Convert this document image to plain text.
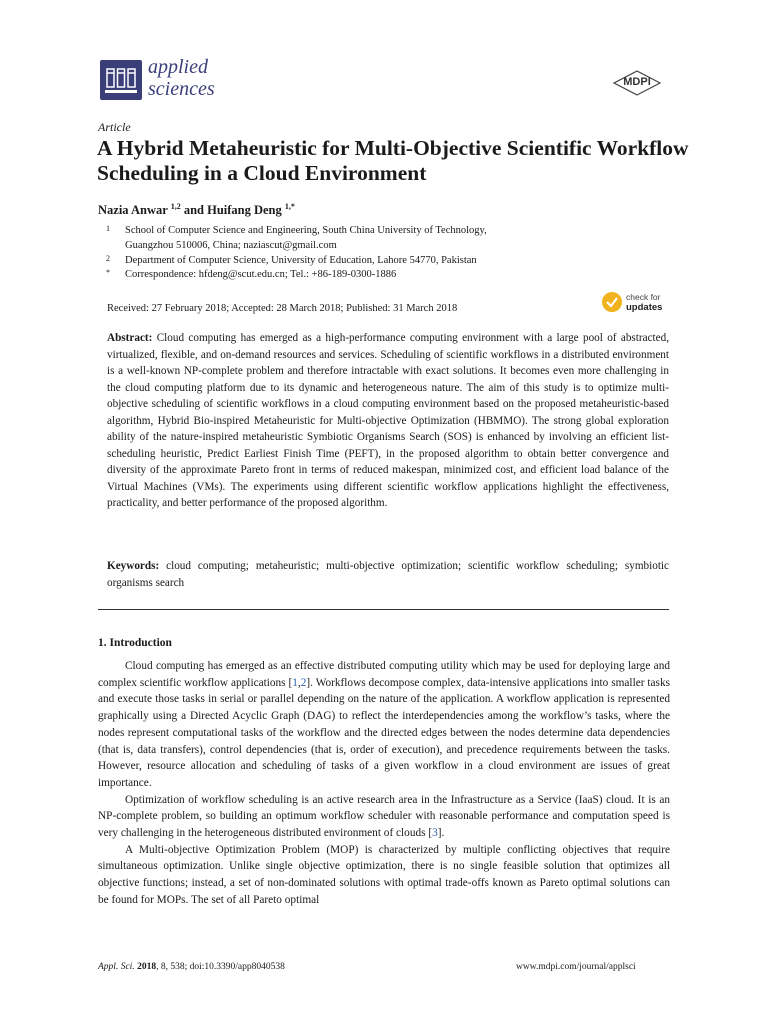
applied
sciences	MDPI
Article
A Hybrid Metaheuristic for Multi-Objective Scientific Workflow Scheduling in a Cloud Environment
Nazia Anwar $^{1,2}$ and Huifang Deng $^{1,*}$
1 School of Computer Science and Engineering, South China University of Technology,
Guangzhou 510006, China; naziascut@gmail.com
2 Department of Computer Science, University of Education, Lahore 54770, Pakistan
* Correspondence: hfdeng@scut.edu.cn; Tel.: +86-189-0300-1886
Received: 27 February 2018; Accepted: 28 March 2018; Published: 31 March 2018
check for
updates
Abstract: Cloud computing has emerged as a high-performance computing environment with a large pool of abstracted, virtualized, flexible, and on-demand resources and services. Scheduling of scientific workflows in a distributed environment is a well-known NP-complete problem and therefore intractable with exact solutions. It becomes even more challenging in the cloud computing platform due to its dynamic and heterogeneous nature. The aim of this study is to optimize multi-objective scheduling of scientific workflows in a cloud computing environment based on the proposed metaheuristic-based algorithm, Hybrid Bio-inspired Metaheuristic for Multi-objective Optimization (HBMMO). The strong global exploration ability of the nature-inspired metaheuristic Symbiotic Organisms Search (SOS) is enhanced by involving an efficient list-scheduling heuristic, Predict Earliest Finish Time (PEFT), in the proposed algorithm to obtain better convergence and diversity of the approximate Pareto front in terms of reduced makespan, minimized cost, and efficient load balance of the Virtual Machines (VMs). The experiments using different scientific workflow applications highlight the effectiveness, practicality, and better performance of the proposed algorithm.
Keywords: cloud computing; metaheuristic; multi-objective optimization; scientific workflow scheduling; symbiotic organisms search
1. Introduction

Cloud computing has emerged as an effective distributed computing utility which may be used for deploying large and complex scientific workflow applications [1,2]. Workflows decompose complex, data-intensive applications into smaller tasks and execute those tasks in serial or parallel depending on the nature of the application. A workflow application is represented graphically using a Directed Acyclic Graph (DAG) to reflect the interdependencies among the workflow’s tasks, where the nodes represent computational tasks of the workflow and the directed edges between the nodes determine data dependencies (that is, data transfers), control dependencies (that is, order of execution), and precedence requirements between the tasks. However, resource allocation and scheduling of tasks of a given workflow in a cloud environment are issues of great importance.

Optimization of workflow scheduling is an active research area in the Infrastructure as a Service (IaaS) cloud. It is an NP-complete problem, so building an optimum workflow scheduler with reasonable performance and computation speed is very challenging in the heterogeneous distributed environment of clouds [3].

A Multi-objective Optimization Problem (MOP) is characterized by multiple conflicting objectives that require simultaneous optimization. Unlike single objective optimization, there is no single feasible solution that optimizes all objective functions; instead, a set of non-dominated solutions with optimal trade-offs known as Pareto optimal solutions can be found for MOPs. The set of all Pareto optimal

Appl. Sci. 2018, 8, 538; doi:10.3390/app8040538	www.mdpi.com/journal/applsci
